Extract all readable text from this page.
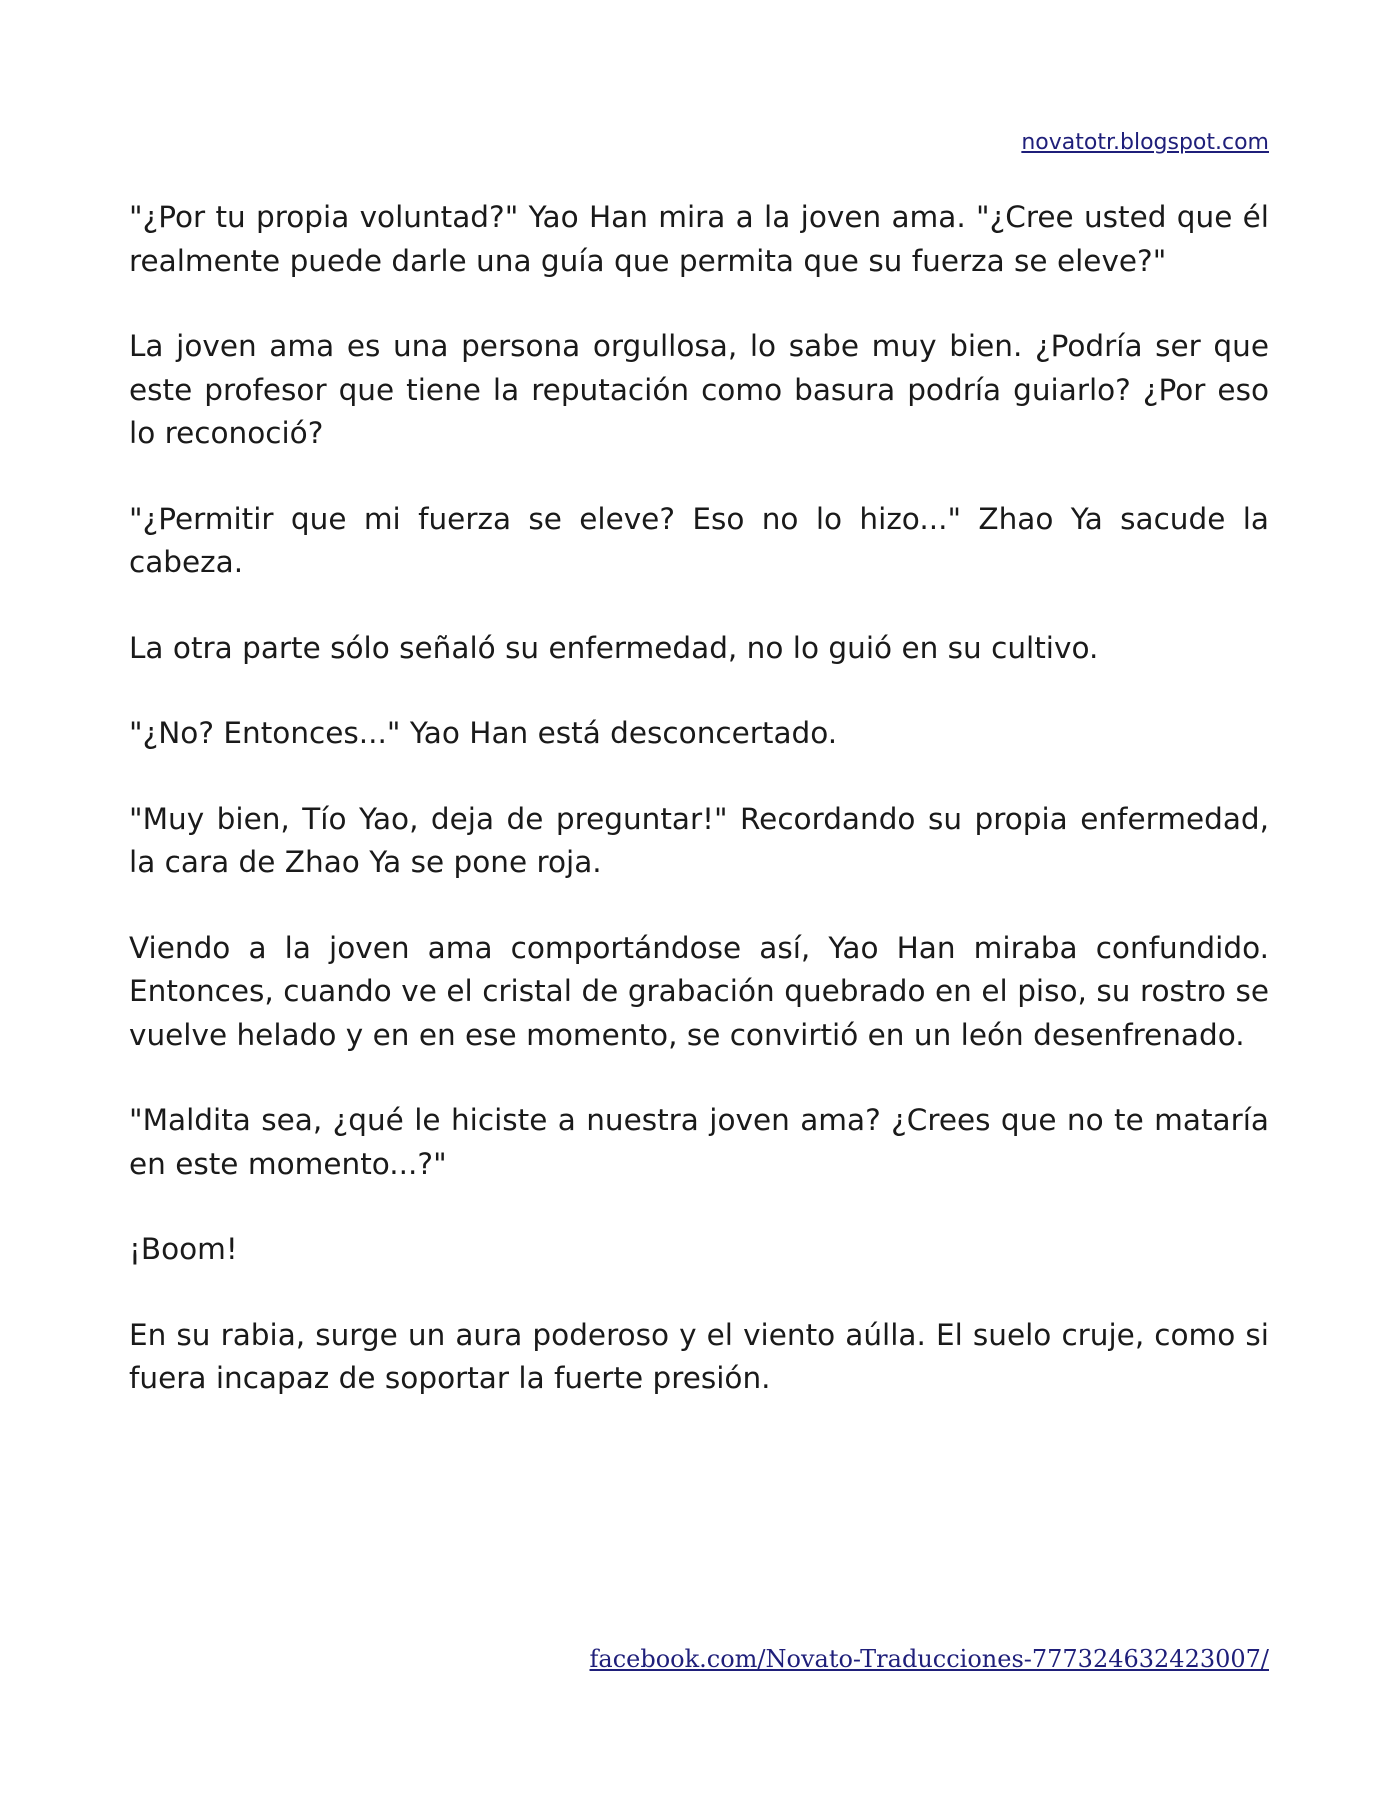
novatotr.blogspot.com

"¿Por tu propia voluntad?" Yao Han mira a la joven ama. "¿Cree usted que él realmente puede darle una guía que permita que su fuerza se eleve?"

La joven ama es una persona orgullosa, lo sabe muy bien. ¿Podría ser que este profesor que tiene la reputación como basura podría guiarlo? ¿Por eso lo reconoció?

"¿Permitir que mi fuerza se eleve? Eso no lo hizo..." Zhao Ya sacude la cabeza.

La otra parte sólo señaló su enfermedad, no lo guió en su cultivo.

"¿No? Entonces..." Yao Han está desconcertado.

"Muy bien, Tío Yao, deja de preguntar!" Recordando su propia enfermedad, la cara de Zhao Ya se pone roja.

Viendo a la joven ama comportándose así, Yao Han miraba confundido. Entonces, cuando ve el cristal de grabación quebrado en el piso, su rostro se vuelve helado y en en ese momento, se convirtió en un león desenfrenado.

"Maldita sea, ¿qué le hiciste a nuestra joven ama? ¿Crees que no te mataría en este momento...?"

¡Boom!

En su rabia, surge un aura poderoso y el viento aúlla. El suelo cruje, como si fuera incapaz de soportar la fuerte presión.

facebook.com/Novato-Traducciones-777324632423007/
